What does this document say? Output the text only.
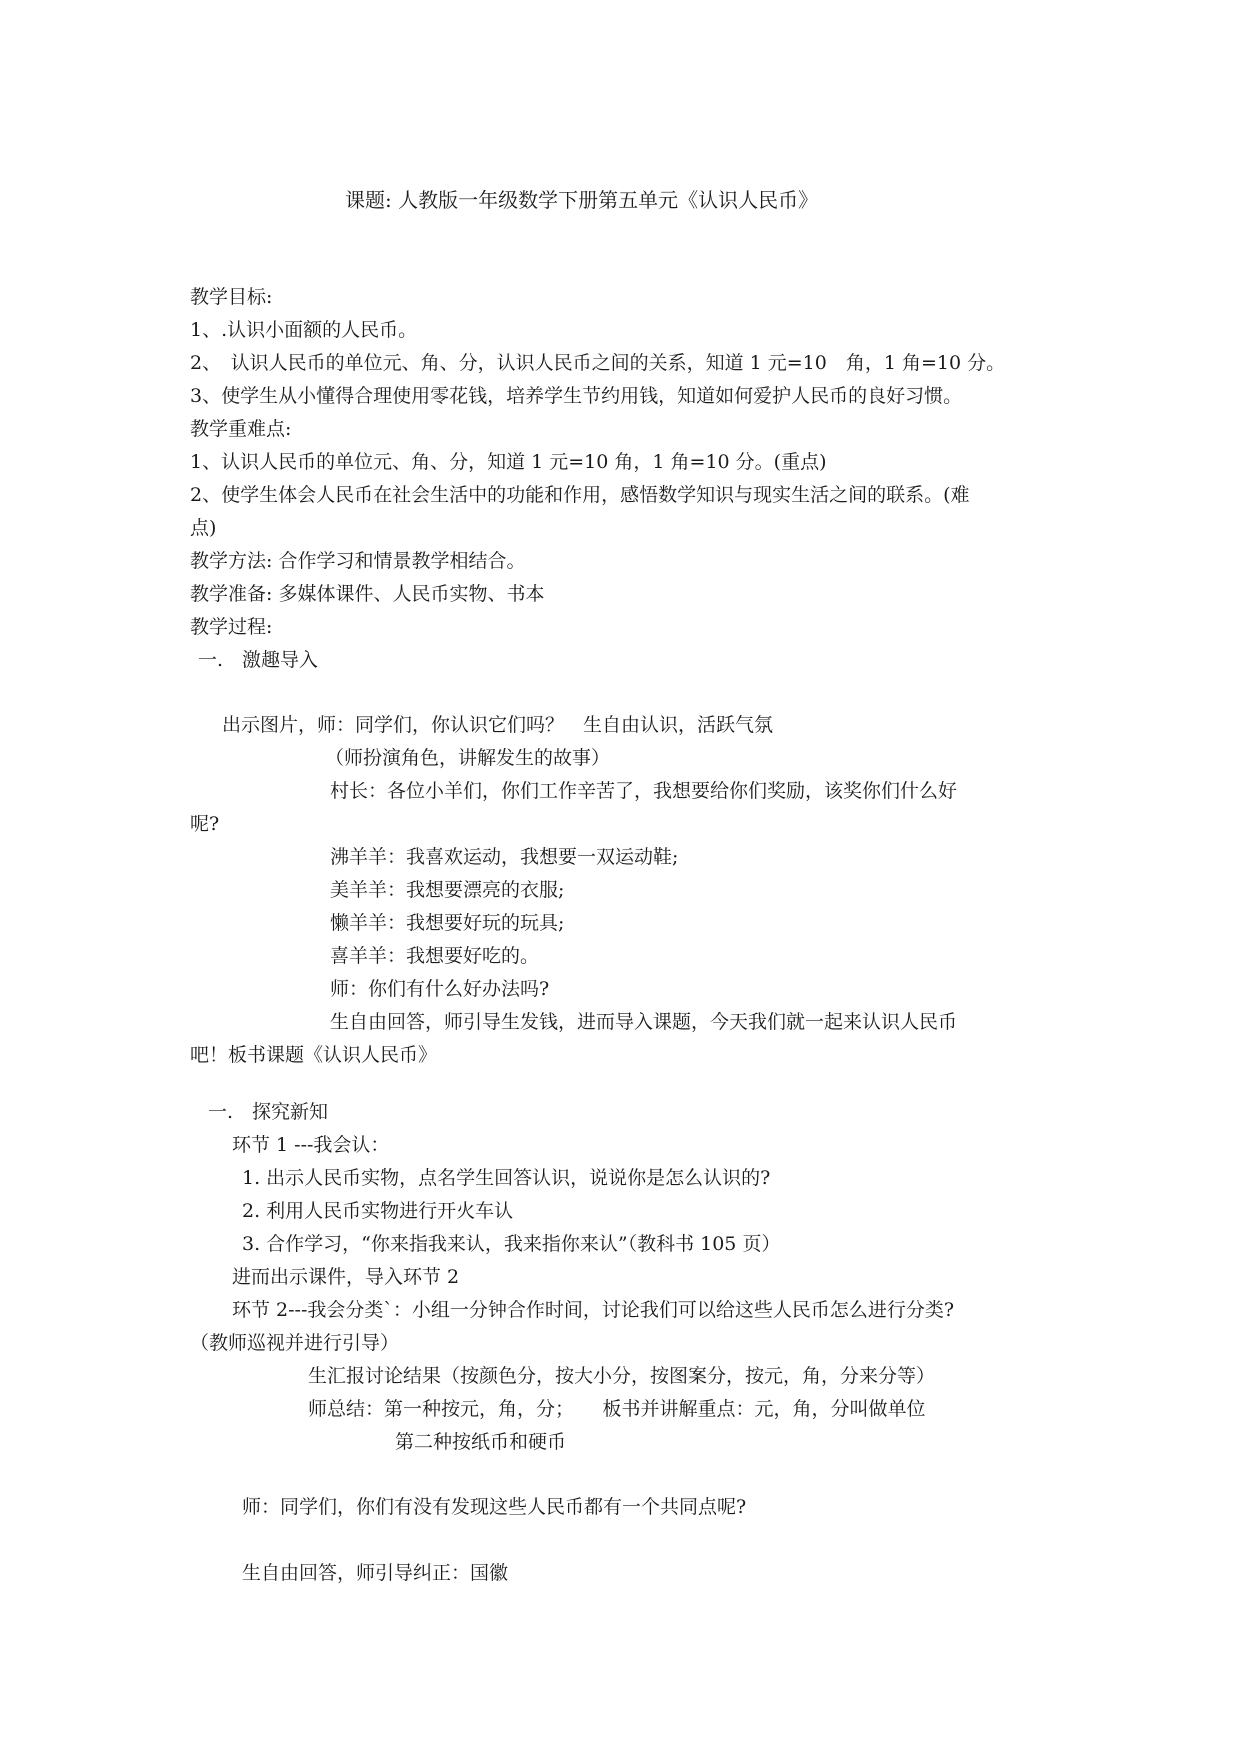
课题: 人教版一年级数学下册第五单元《认识人民币》
教学目标:
1、.认识小面额的人民币。
2、　认识人民币的单位元、角、分，认识人民币之间的关系，知道 1 元=10　角，1 角=10 分。
3、使学生从小懂得合理使用零花钱，培养学生节约用钱，知道如何爱护人民币的良好习惯。
教学重难点:
1、认识人民币的单位元、角、分，知道 1 元=10 角，1 角=10 分。(重点)
2、使学生体会人民币在社会生活中的功能和作用，感悟数学知识与现实生活之间的联系。(难
点)
教学方法: 合作学习和情景教学相结合。
教学准备: 多媒体课件、人民币实物、书本
教学过程:
一.　激趣导入
出示图片，师：同学们，你认识它们吗？　生自由认识，活跃气氛
（师扮演角色，讲解发生的故事）
村长：各位小羊们，你们工作辛苦了，我想要给你们奖励，该奖你们什么好
呢?
沸羊羊：我喜欢运动，我想要一双运动鞋;
美羊羊：我想要漂亮的衣服;
懒羊羊：我想要好玩的玩具;
喜羊羊：我想要好吃的。
师：你们有什么好办法吗?
生自由回答，师引导生发钱，进而导入课题，今天我们就一起来认识人民币
吧！板书课题《认识人民币》
一.　探究新知
环节 1 ---我会认：
1. 出示人民币实物，点名学生回答认识，说说你是怎么认识的?
2. 利用人民币实物进行开火车认
3. 合作学习，“你来指我来认，我来指你来认”（教科书 105 页）
进而出示课件，导入环节 2
环节 2---我会分类`：小组一分钟合作时间，讨论我们可以给这些人民币怎么进行分类?
（教师巡视并进行引导）
生汇报讨论结果（按颜色分，按大小分，按图案分，按元，角，分来分等）
师总结：第一种按元，角，分；　　板书并讲解重点：元，角，分叫做单位
第二种按纸币和硬币
师：同学们，你们有没有发现这些人民币都有一个共同点呢?
生自由回答，师引导纠正：国徽
